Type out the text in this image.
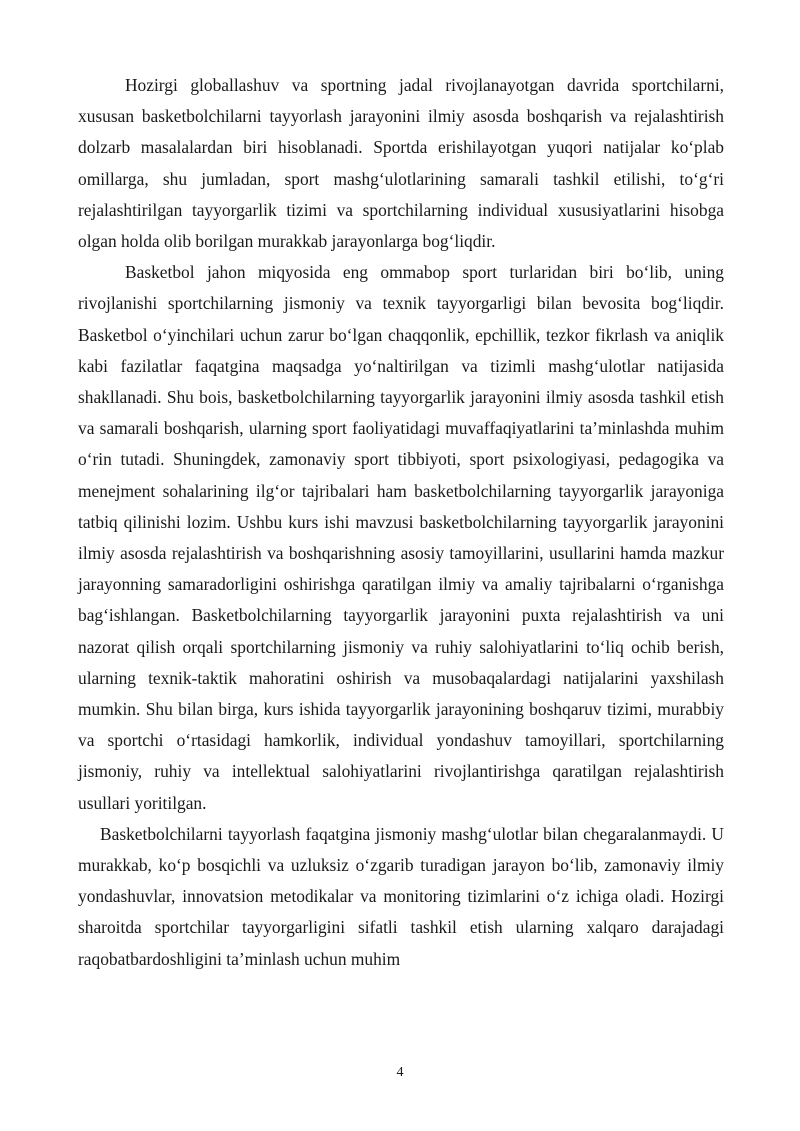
Hozirgi globallashuv va sportning jadal rivojlanayotgan davrida sportchilarni, xususan basketbolchilarni tayyorlash jarayonini ilmiy asosda boshqarish va rejalashtirish dolzarb masalalardan biri hisoblanadi. Sportda erishilayotgan yuqori natijalar ko‘plab omillarga, shu jumladan, sport mashg‘ulotlarining samarali tashkil etilishi, to‘g‘ri rejalashtirilgan tayyorgarlik tizimi va sportchilarning individual xususiyatlarini hisobga olgan holda olib borilgan murakkab jarayonlarga bog‘liqdir.

Basketbol jahon miqyosida eng ommabop sport turlaridan biri bo‘lib, uning rivojlanishi sportchilarning jismoniy va texnik tayyorgarligi bilan bevosita bog‘liqdir. Basketbol o‘yinchilari uchun zarur bo‘lgan chaqqonlik, epchillik, tezkor fikrlash va aniqlik kabi fazilatlar faqatgina maqsadga yo‘naltirilgan va tizimli mashg‘ulotlar natijasida shakllanadi. Shu bois, basketbolchilarning tayyorgarlik jarayonini ilmiy asosda tashkil etish va samarali boshqarish, ularning sport faoliyatidagi muvaffaqiyatlarini ta’minlashda muhim o‘rin tutadi. Shuningdek, zamonaviy sport tibbiyoti, sport psixologiyasi, pedagogika va menejment sohalarining ilg‘or tajribalari ham basketbolchilarning tayyorgarlik jarayoniga tatbiq qilinishi lozim. Ushbu kurs ishi mavzusi basketbolchilarning tayyorgarlik jarayonini ilmiy asosda rejalashtirish va boshqarishning asosiy tamoyillarini, usullarini hamda mazkur jarayonning samaradorligini oshirishga qaratilgan ilmiy va amaliy tajribalarni o‘rganishga bag‘ishlangan. Basketbolchilarning tayyorgarlik jarayonini puxta rejalashtirish va uni nazorat qilish orqali sportchilarning jismoniy va ruhiy salohiyatlarini to‘liq ochib berish, ularning texnik-taktik mahoratini oshirish va musobaqalardagi natijalarini yaxshilash mumkin. Shu bilan birga, kurs ishida tayyorgarlik jarayonining boshqaruv tizimi, murabbiy va sportchi o‘rtasidagi hamkorlik, individual yondashuv tamoyillari, sportchilarning jismoniy, ruhiy va intellektual salohiyatlarini rivojlantirishga qaratilgan rejalashtirish usullari yoritilgan.

Basketbolchilarni tayyorlash faqatgina jismoniy mashg‘ulotlar bilan chegaralanmaydi. U murakkab, ko‘p bosqichli va uzluksiz o‘zgarib turadigan jarayon bo‘lib, zamonaviy ilmiy yondashuvlar, innovatsion metodikalar va monitoring tizimlarini o‘z ichiga oladi. Hozirgi sharoitda sportchilar tayyorgarligini sifatli tashkil etish ularning xalqaro darajadagi raqobatbardoshligini ta’minlash uchun muhim

4
